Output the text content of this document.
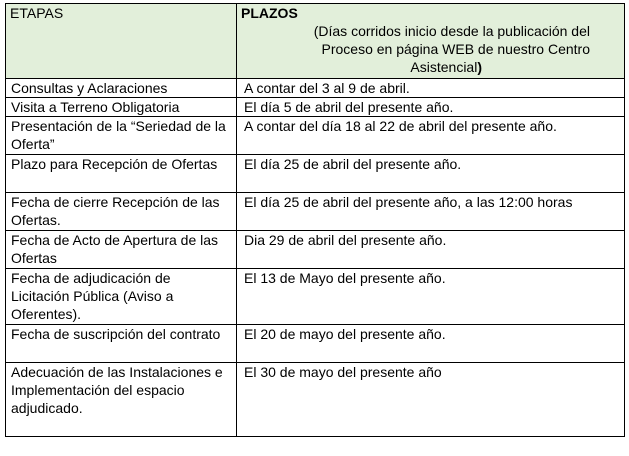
ETAPAS	PLAZOS
(Días corridos inicio desde la publicación del
Proceso en página WEB de nuestro Centro
Asistencial)

Consultas y Aclaraciones	A contar del 3 al 9 de abril.
Visita a Terreno Obligatoria	El día 5 de abril del presente año.
Presentación de la “Seriedad de la Oferta”	A contar del día 18 al 22 de abril del presente año.
Plazo para Recepción de Ofertas	El día 25 de abril del presente año.
Fecha de cierre Recepción de las Ofertas.	El día 25 de abril del presente año, a las 12:00 horas
Fecha de Acto de Apertura de las Ofertas	Dia 29 de abril del presente año.
Fecha de adjudicación de Licitación Pública (Aviso a Oferentes).	El 13 de Mayo del presente año.
Fecha de suscripción del contrato	El 20 de mayo del presente año.
Adecuación de las Instalaciones e Implementación del espacio adjudicado.	El 30 de mayo del presente año
